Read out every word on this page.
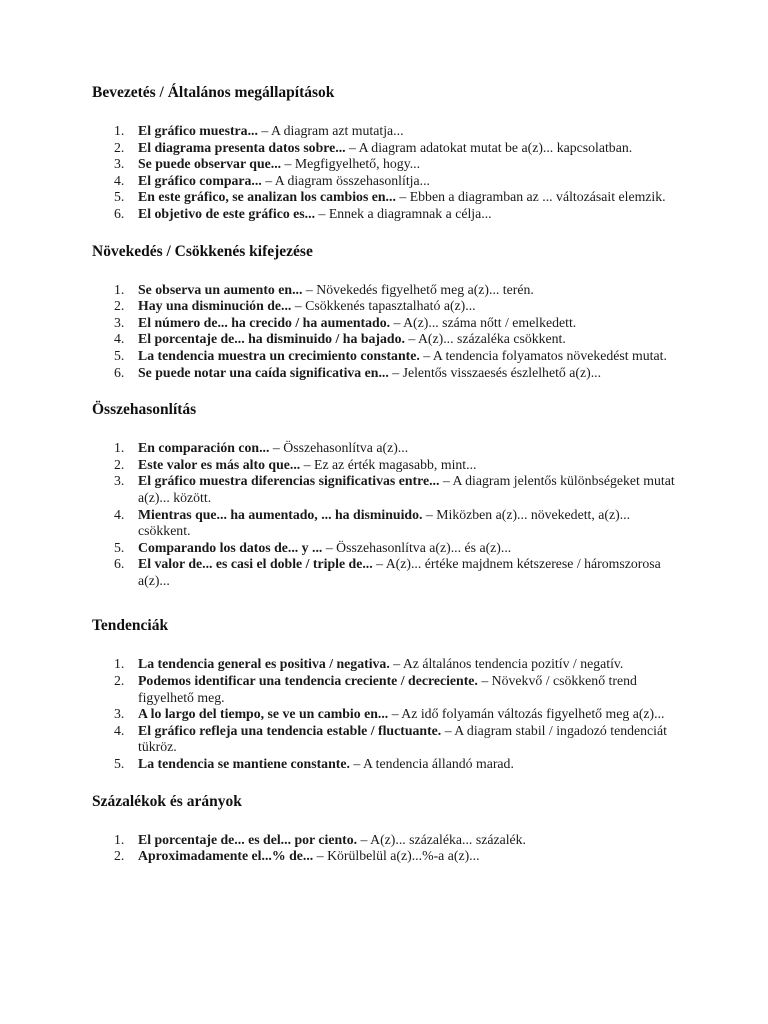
Bevezetés / Általános megállapítások
1. El gráfico muestra... – A diagram azt mutatja...
2. El diagrama presenta datos sobre... – A diagram adatokat mutat be a(z)... kapcsolatban.
3. Se puede observar que... – Megfigyelhető, hogy...
4. El gráfico compara... – A diagram összehasonlítja...
5. En este gráfico, se analizan los cambios en... – Ebben a diagramban az ... változásait elemzik.
6. El objetivo de este gráfico es... – Ennek a diagramnak a célja...
Növekedés / Csökkenés kifejezése
1. Se observa un aumento en... – Növekedés figyelhető meg a(z)... terén.
2. Hay una disminución de... – Csökkenés tapasztalható a(z)...
3. El número de... ha crecido / ha aumentado. – A(z)... száma nőtt / emelkedett.
4. El porcentaje de... ha disminuido / ha bajado. – A(z)... százaléka csökkent.
5. La tendencia muestra un crecimiento constante. – A tendencia folyamatos növekedést mutat.
6. Se puede notar una caída significativa en... – Jelentős visszaesés észlelhető a(z)...
Összehasonlítás
1. En comparación con... – Összehasonlítva a(z)...
2. Este valor es más alto que... – Ez az érték magasabb, mint...
3. El gráfico muestra diferencias significativas entre... – A diagram jelentős különbségeket mutat a(z)... között.
4. Mientras que... ha aumentado, ... ha disminuido. – Miközben a(z)... növekedett, a(z)... csökkent.
5. Comparando los datos de... y ... – Összehasonlítva a(z)... és a(z)...
6. El valor de... es casi el doble / triple de... – A(z)... értéke majdnem kétszerese / háromszorosa a(z)...
Tendenciák
1. La tendencia general es positiva / negativa. – Az általános tendencia pozitív / negatív.
2. Podemos identificar una tendencia creciente / decreciente. – Növekvő / csökkenő trend figyelhető meg.
3. A lo largo del tiempo, se ve un cambio en... – Az idő folyamán változás figyelhető meg a(z)...
4. El gráfico refleja una tendencia estable / fluctuante. – A diagram stabil / ingadozó tendenciát tükröz.
5. La tendencia se mantiene constante. – A tendencia állandó marad.
Százalékok és arányok
1. El porcentaje de... es del... por ciento. – A(z)... százaléka... százalék.
2. Aproximadamente el...% de... – Körülbelül a(z)...%-a a(z)...
